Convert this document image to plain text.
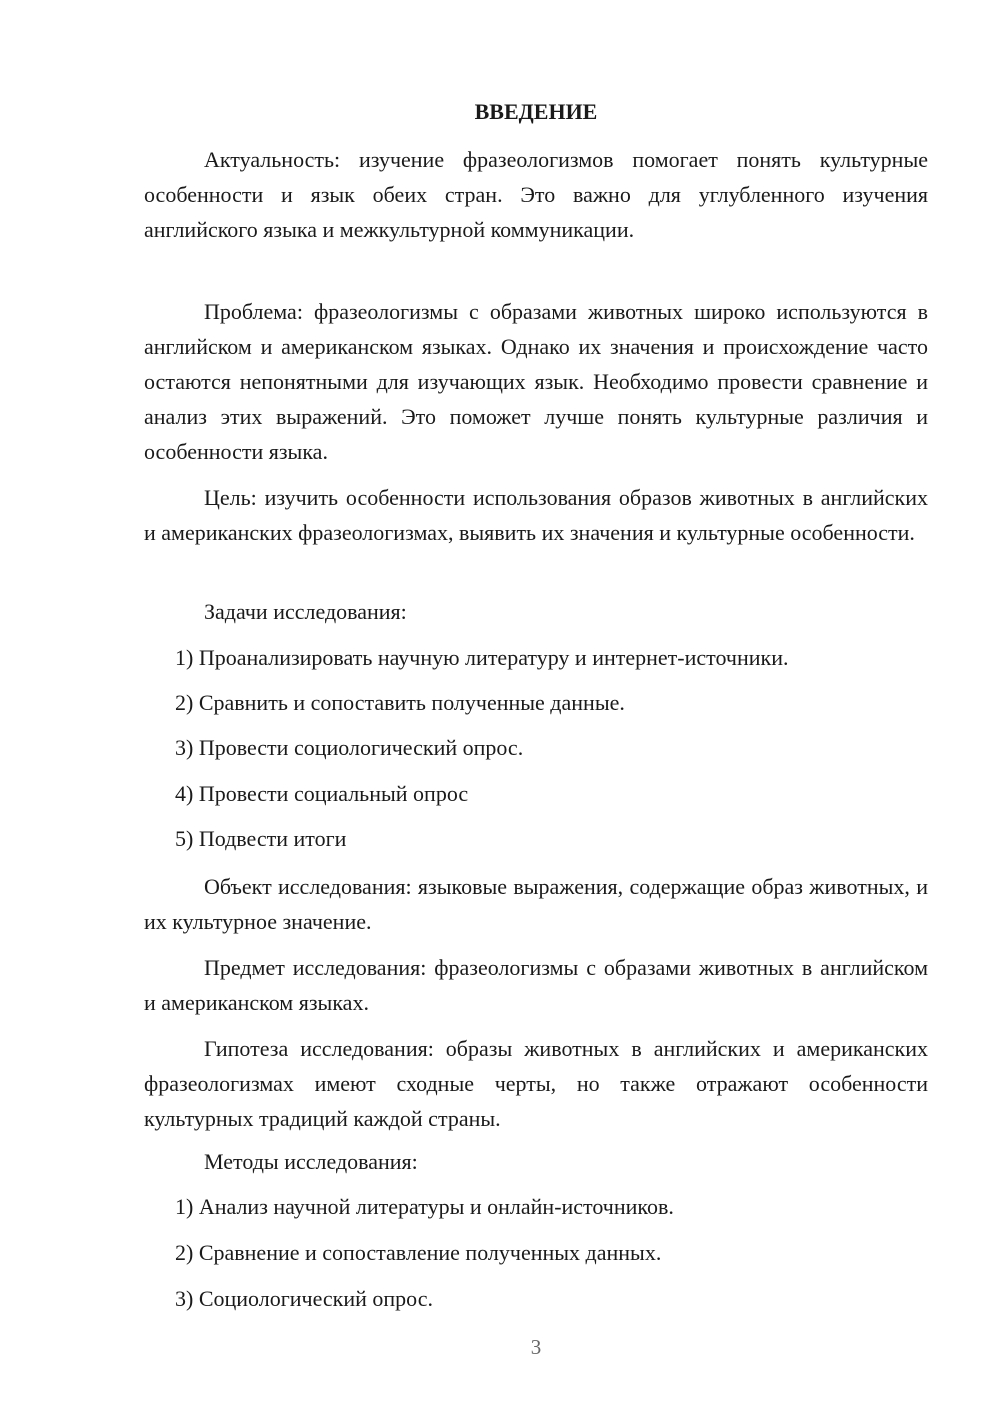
ВВЕДЕНИЕ

Актуальность: изучение фразеологизмов помогает понять культурные особенности и язык обеих стран. Это важно для углубленного изучения английского языка и межкультурной коммуникации.

Проблема: фразеологизмы с образами животных широко используются в английском и американском языках. Однако их значения и происхождение часто остаются непонятными для изучающих язык. Необходимо провести сравнение и анализ этих выражений. Это поможет лучше понять культурные различия и особенности языка.

Цель: изучить особенности использования образов животных в английских и американских фразеологизмах, выявить их значения и культурные особенности.

Задачи исследования:

1) Проанализировать научную литературу и интернет-источники.

2) Сравнить и сопоставить полученные данные.

3) Провести социологический опрос.

4) Провести социальный опрос

5) Подвести итоги

Объект исследования: языковые выражения, содержащие образ животных, и их культурное значение.

Предмет исследования: фразеологизмы с образами животных в английском и американском языках.

Гипотеза исследования: образы животных в английских и американских фразеологизмах имеют сходные черты, но также отражают особенности культурных традиций каждой страны.

Методы исследования:

1) Анализ научной литературы и онлайн-источников.

2) Сравнение и сопоставление полученных данных.

3) Социологический опрос.

3
